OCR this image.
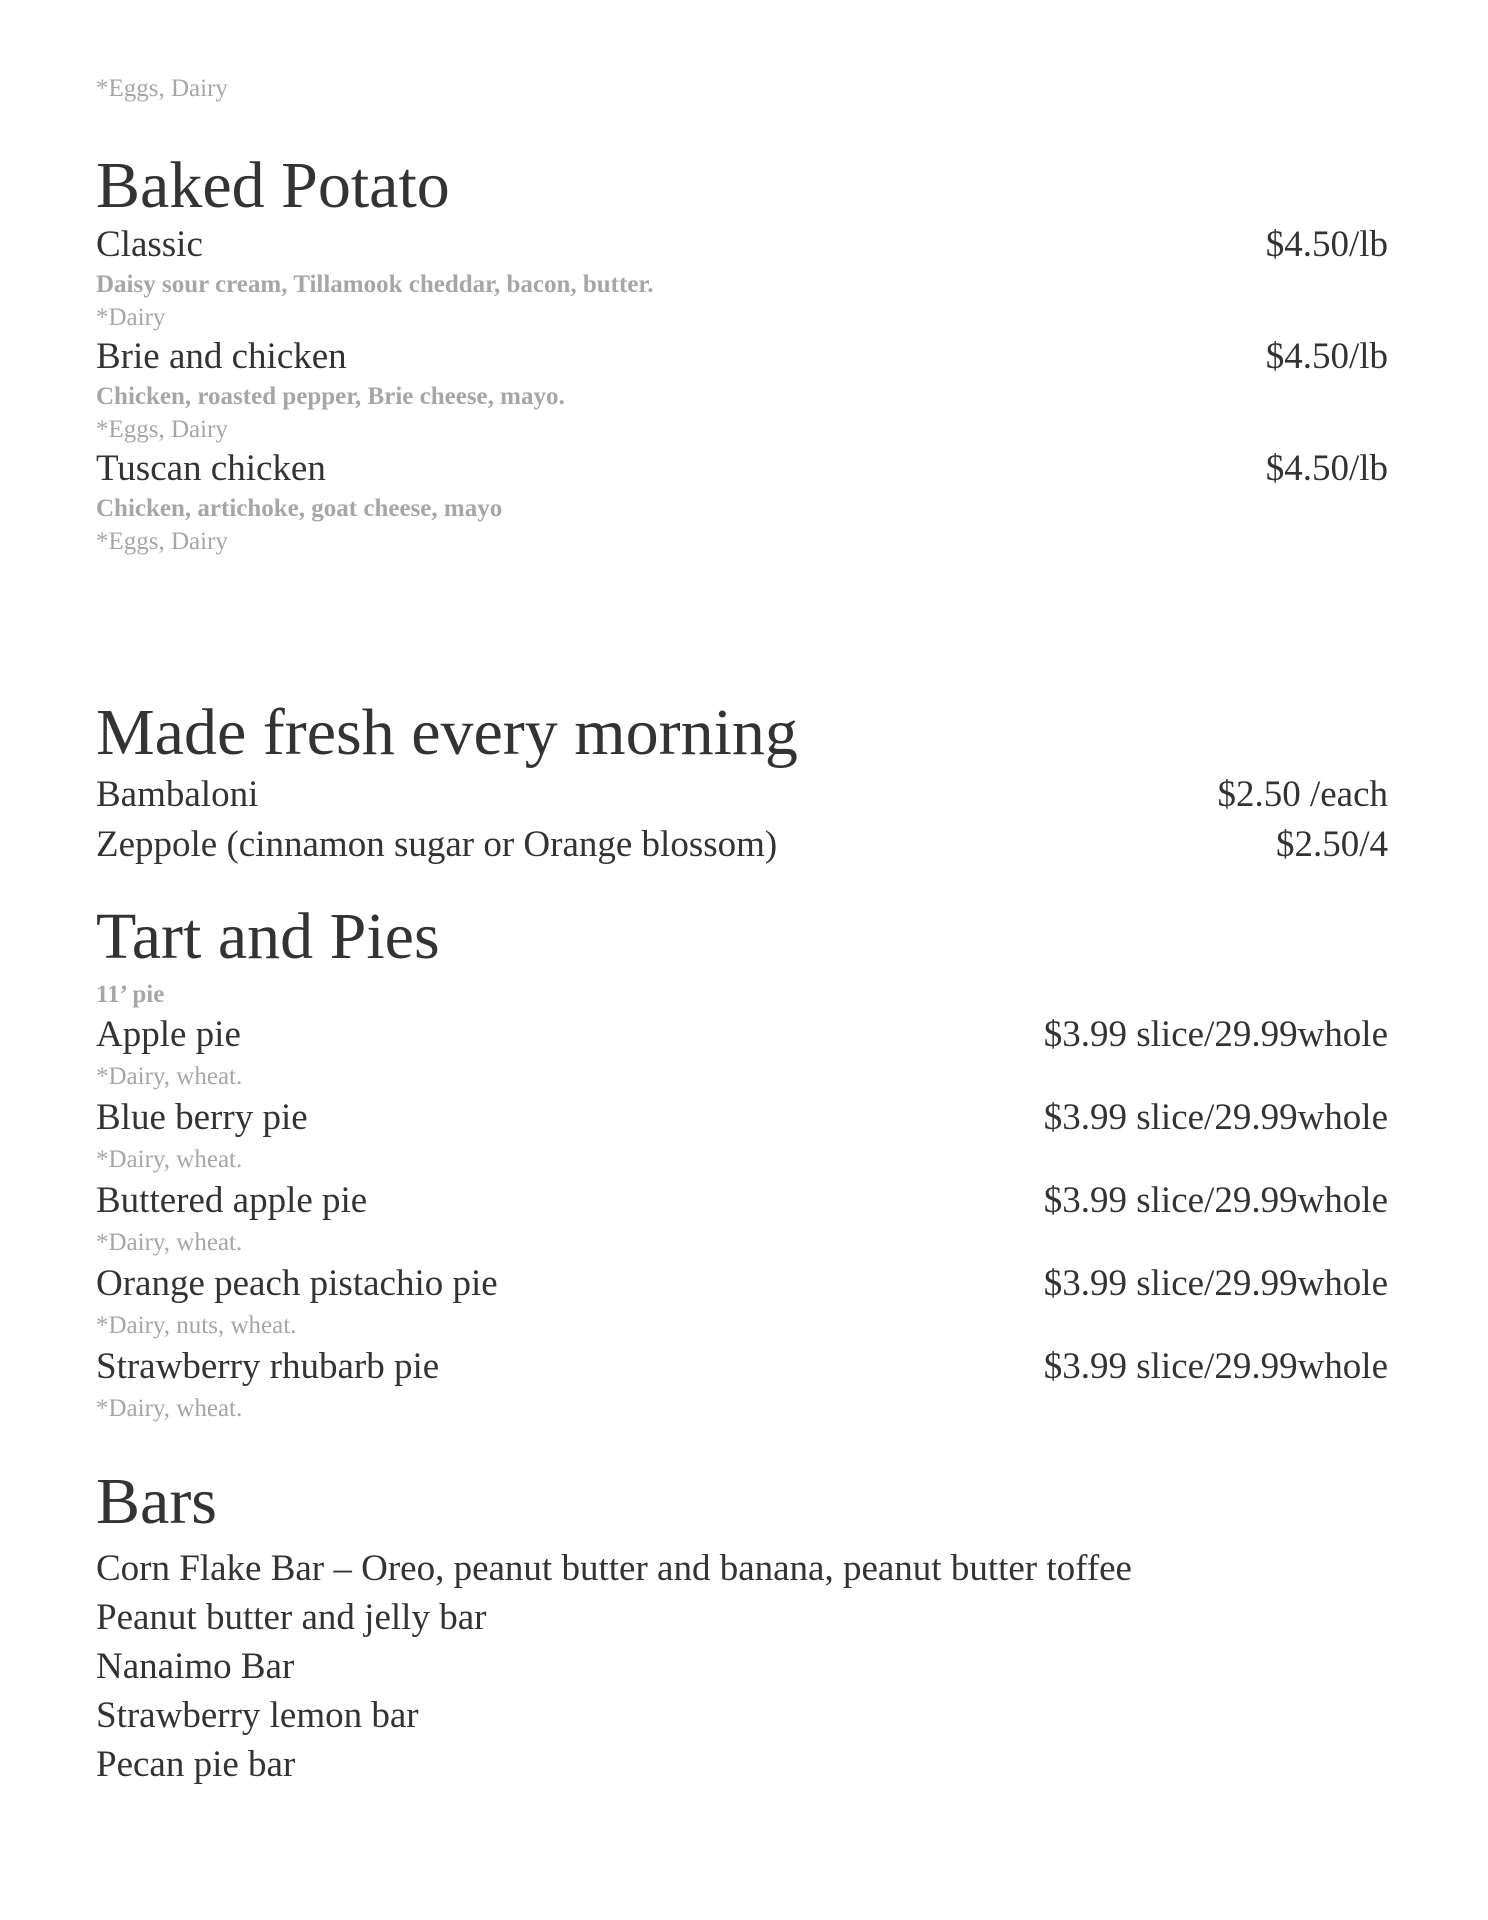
*Eggs, Dairy
Baked Potato
Classic	$4.50/lb
Daisy sour cream, Tillamook cheddar, bacon, butter.
*Dairy
Brie and chicken	$4.50/lb
Chicken, roasted pepper, Brie cheese, mayo.
*Eggs, Dairy
Tuscan chicken	$4.50/lb
Chicken, artichoke, goat cheese, mayo
*Eggs, Dairy
Made fresh every morning
Bambaloni	$2.50 /each
Zeppole (cinnamon sugar or Orange blossom)	$2.50/4
Tart and Pies
11’ pie
Apple pie	$3.99 slice/29.99whole
*Dairy, wheat.
Blue berry pie	$3.99 slice/29.99whole
*Dairy, wheat.
Buttered apple pie	$3.99 slice/29.99whole
*Dairy, wheat.
Orange peach pistachio pie	$3.99 slice/29.99whole
*Dairy, nuts, wheat.
Strawberry rhubarb pie	$3.99 slice/29.99whole
*Dairy, wheat.
Bars
Corn Flake Bar – Oreo, peanut butter and banana, peanut butter toffee
Peanut butter and jelly bar
Nanaimo Bar
Strawberry lemon bar
Pecan pie bar
